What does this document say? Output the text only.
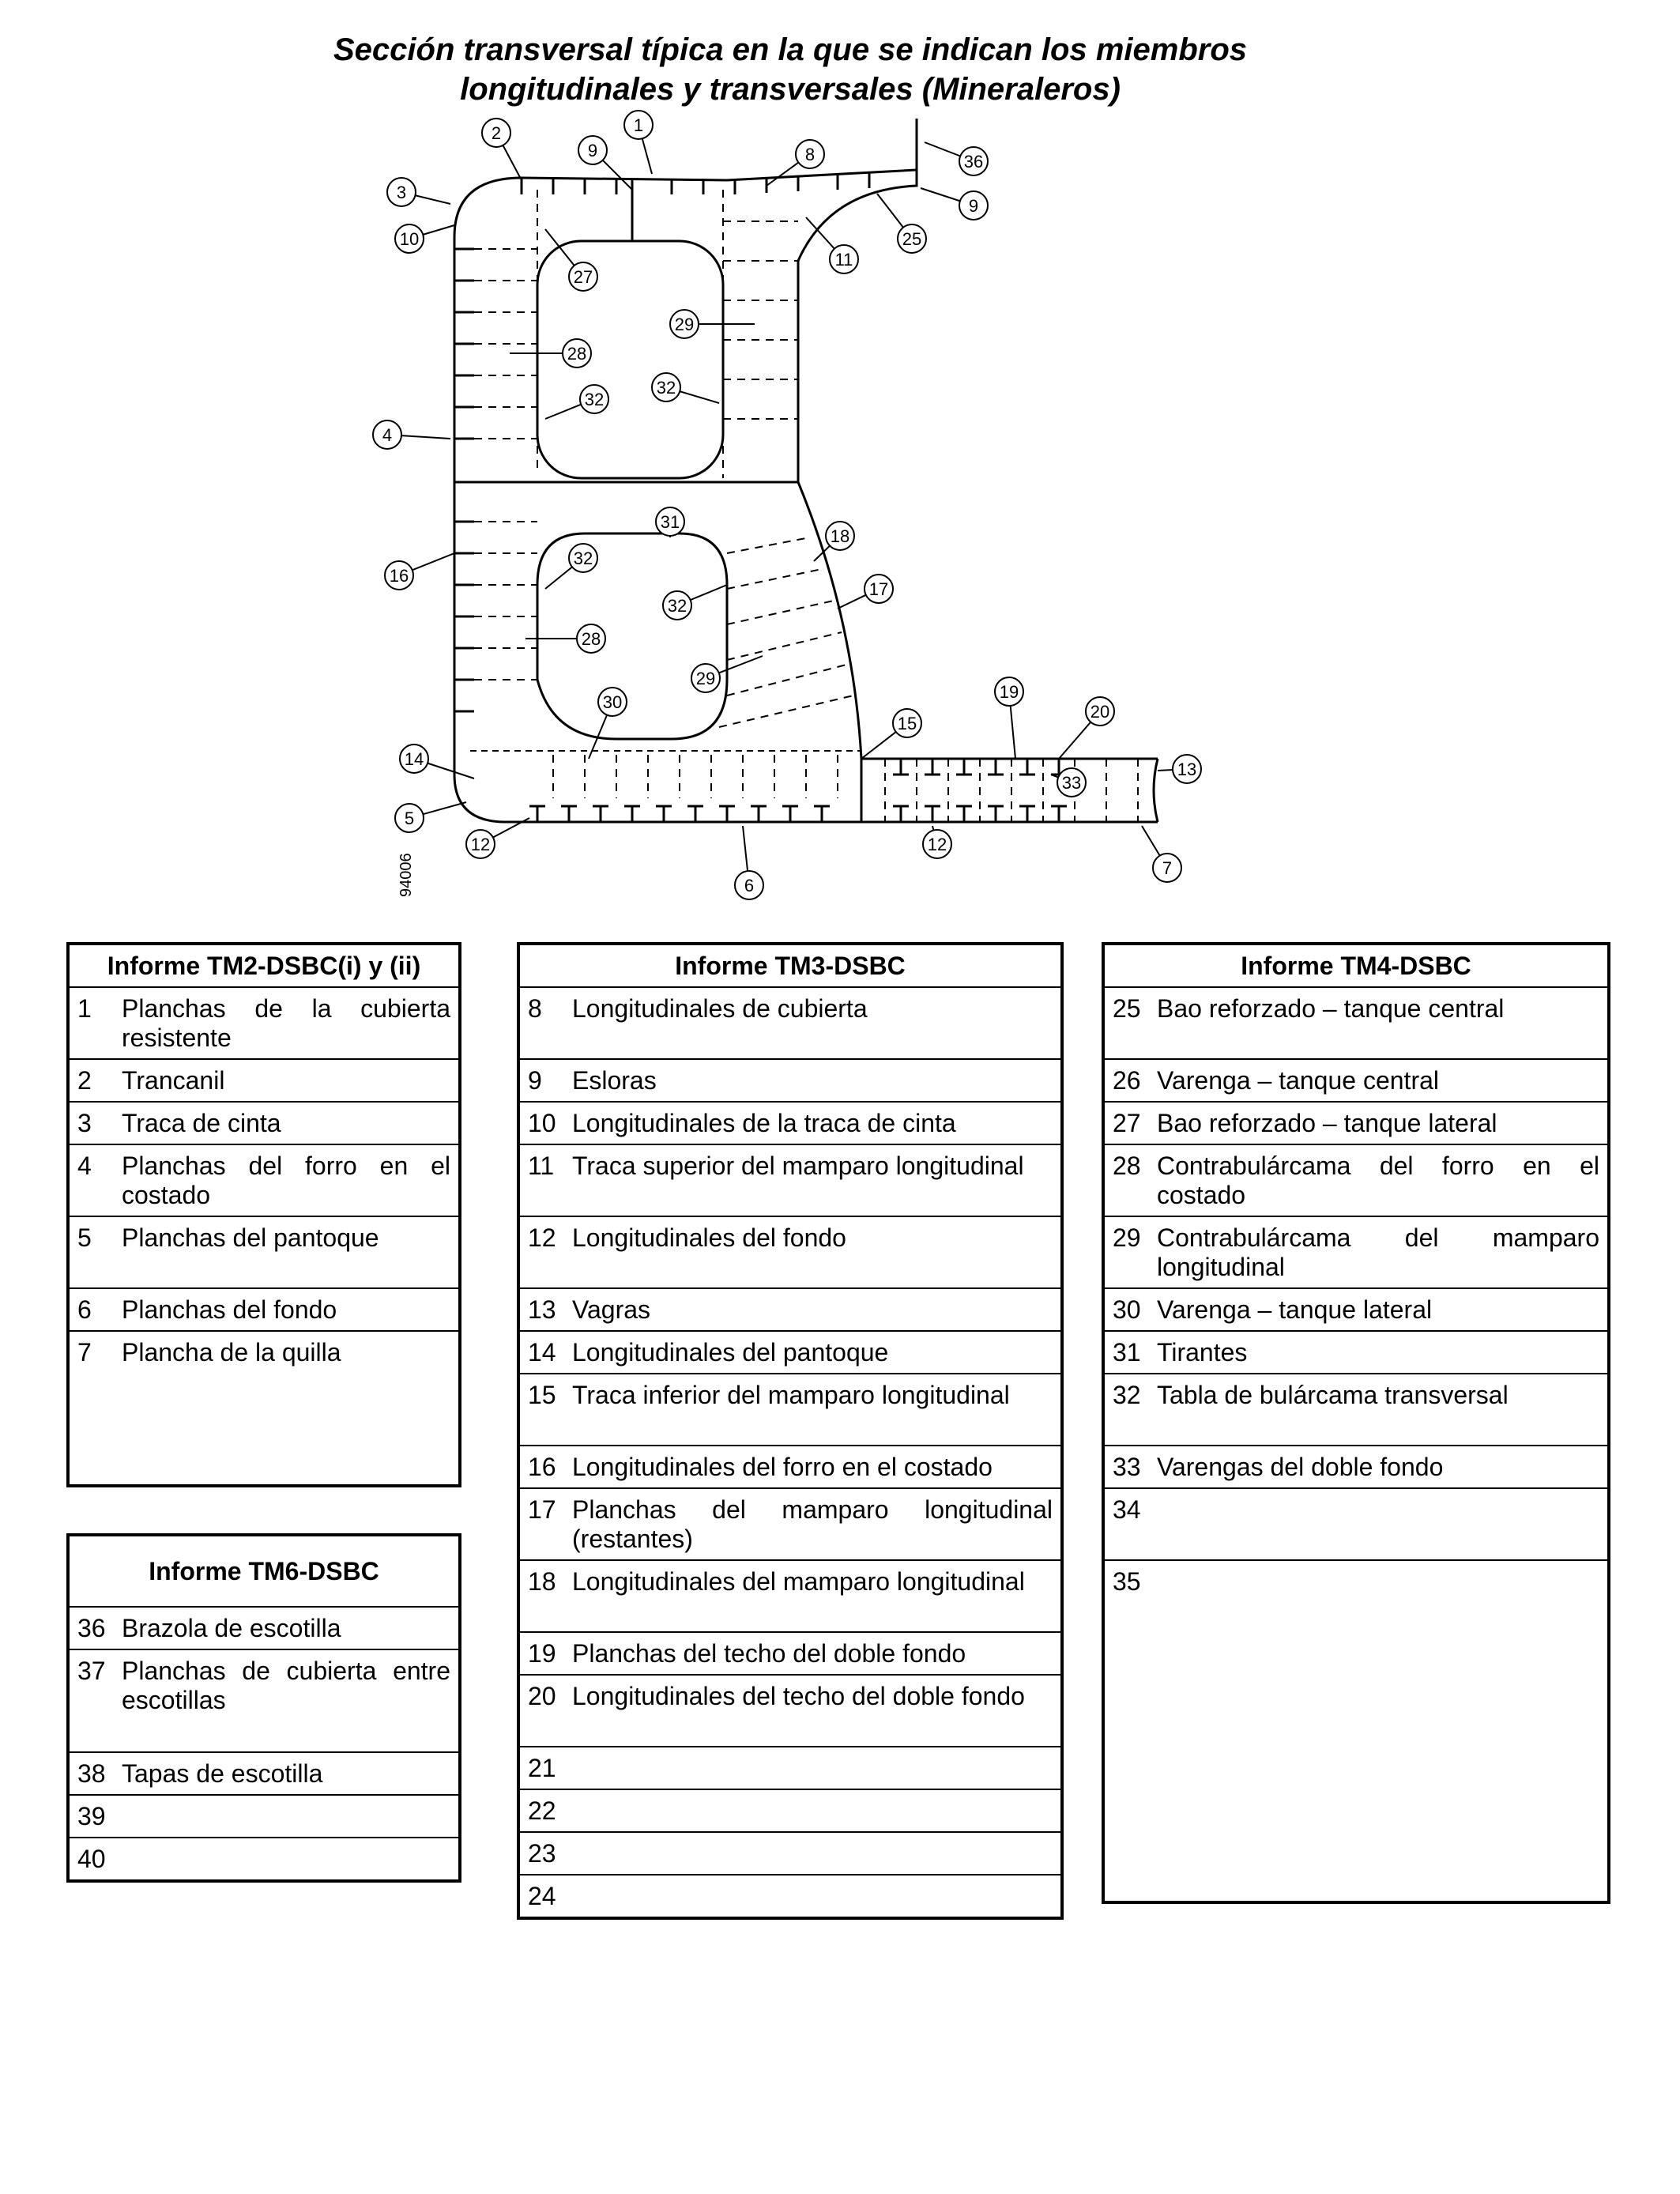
Sección transversal típica en la que se indican los miembros
longitudinales y transversales (Mineraleros)
1
2
3
4
5
6
7
8
9
9
10
11
12	12
13
14
15
16
17
18
19
20
25
27
28
28
29
29
30
31
32
32
32
32
33
36
94006
Informe TM2-DSBC(i) y (ii)

1	Planchas de la cubierta resistente

2	Trancanil

3	Traca de cinta

4	Planchas del forro en el costado

5	Planchas del pantoque

6	Planchas del fondo

7	Plancha de la quilla
Informe TM6-DSBC

36 Brazola de escotilla

37 Planchas de cubierta entre escotillas

38 Tapas de escotilla

39

40
Informe TM3-DSBC

8	Longitudinales de cubierta

9	Esloras

10 Longitudinales de la traca de cinta

11 Traca superior del mamparo longitudinal

12 Longitudinales del fondo

13 Vagras

14 Longitudinales del pantoque

15 Traca inferior del mamparo longitudinal

16 Longitudinales del forro en el costado

17 Planchas del mamparo longitudinal (restantes)

18 Longitudinales del mamparo longitudinal

19 Planchas del techo del doble fondo

20 Longitudinales del techo del doble fondo

21

22

23

24
Informe TM4-DSBC

25 Bao reforzado – tanque central

26 Varenga – tanque central

27 Bao reforzado – tanque lateral

28 Contrabulárcama del forro en el costado

29 Contrabulárcama del mamparo longitudinal

30 Varenga – tanque lateral

31 Tirantes

32 Tabla de bulárcama transversal

33 Varengas del doble fondo

34

35
